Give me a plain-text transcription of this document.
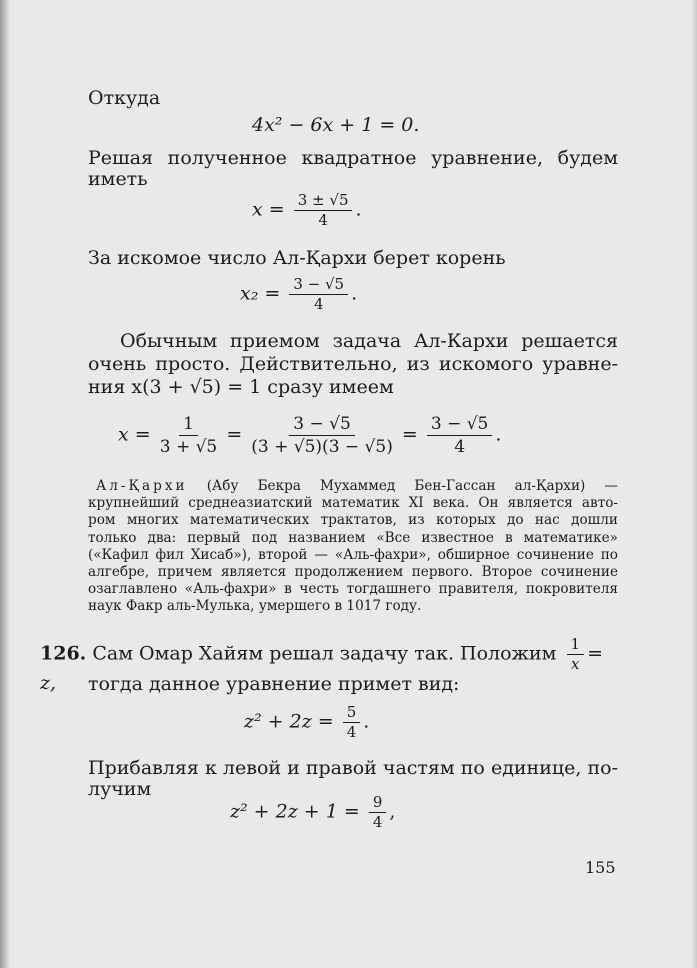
Откуда
4x² − 6x + 1 = 0.
Решая полученное квадратное уравнение, будем
иметь
$x = \frac{3 \pm √5}{4}$ .
За искомое число Ал-Қархи берет корень
$x_2 = \frac{3 - √5}{4}$ .
Обычным приемом задача Ал-Кархи решается
очень просто. Действительно, из искомого уравне-
ния x(3 + √5) = 1 сразу имеем
$x = \frac{1}{3 + √5} = \frac{3 - √5}{(3 + √5)(3 - √5)} = \frac{3 - √5}{4}$ .
Ал-Қархи (Абу Бекра Мухаммед Бен-Гассан ал-Қархи) —
крупнейший среднеазиатский математик XI века. Он является авто-
ром многих математических трактатов, из которых до нас дошли
только два: первый под названием «Все известное в математике»
(«Кафил фил Хисаб»), второй — «Аль-фахри», обширное сочинение по
алгебре, причем является продолжением первого. Второе сочинение
озаглавлено «Аль-фахри» в честь тогдашнего правителя, покровителя
наук Факр аль-Мулька, умершего в 1017 году.
126. Сам Омар Хайям решал задачу так. Положим $\frac{1}{x} = z$,	тогда данное уравнение примет вид:
$z^2 + 2z = \frac{5}{4}$ .
Прибавляя к левой и правой частям по единице, по-
лучим
$z^2 + 2z + 1 = \frac{9}{4}$ ,
155
